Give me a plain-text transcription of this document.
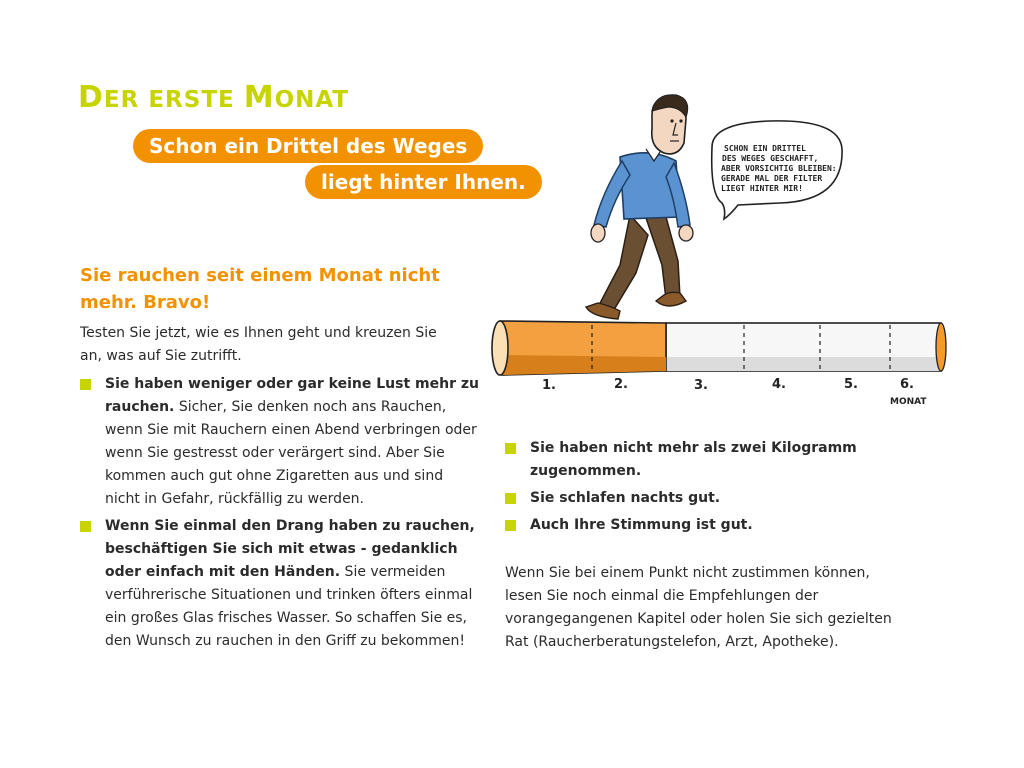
DER ERSTE MONAT
Schon ein Drittel des Weges
liegt hinter Ihnen.
Sie rauchen seit einem Monat nicht mehr. Bravo!

Testen Sie jetzt, wie es Ihnen geht und kreuzen Sie an, was auf Sie zutrifft.

Sie haben weniger oder gar keine Lust mehr zu rauchen. Sicher, Sie denken noch ans Rauchen, wenn Sie mit Rauchern einen Abend verbringen oder wenn Sie gestresst oder verärgert sind. Aber Sie kommen auch gut ohne Zigaretten aus und sind nicht in Gefahr, rückfällig zu werden.
Wenn Sie einmal den Drang haben zu rauchen, beschäftigen Sie sich mit etwas - gedanklich oder einfach mit den Händen. Sie vermeiden verführerische Situationen und trinken öfters einmal ein großes Glas frisches Wasser. So schaffen Sie es, den Wunsch zu rauchen in den Griff zu bekommen!
Sie haben nicht mehr als zwei Kilogramm zugenommen.
Sie schlafen nachts gut.
Auch Ihre Stimmung ist gut.

Wenn Sie bei einem Punkt nicht zustimmen können, lesen Sie noch einmal die Empfehlungen der vorangegangenen Kapitel oder holen Sie sich gezielten Rat (Raucherberatungstelefon, Arzt, Apotheke).

SCHON EIN DRITTEL
DES WEGES GESCHAFFT,
ABER VORSICHTIG BLEIBEN:
GERADE MAL DER FILTER
LIEGT HINTER MIR!
1.	2.	3.	4.	5.	6.
MONAT
